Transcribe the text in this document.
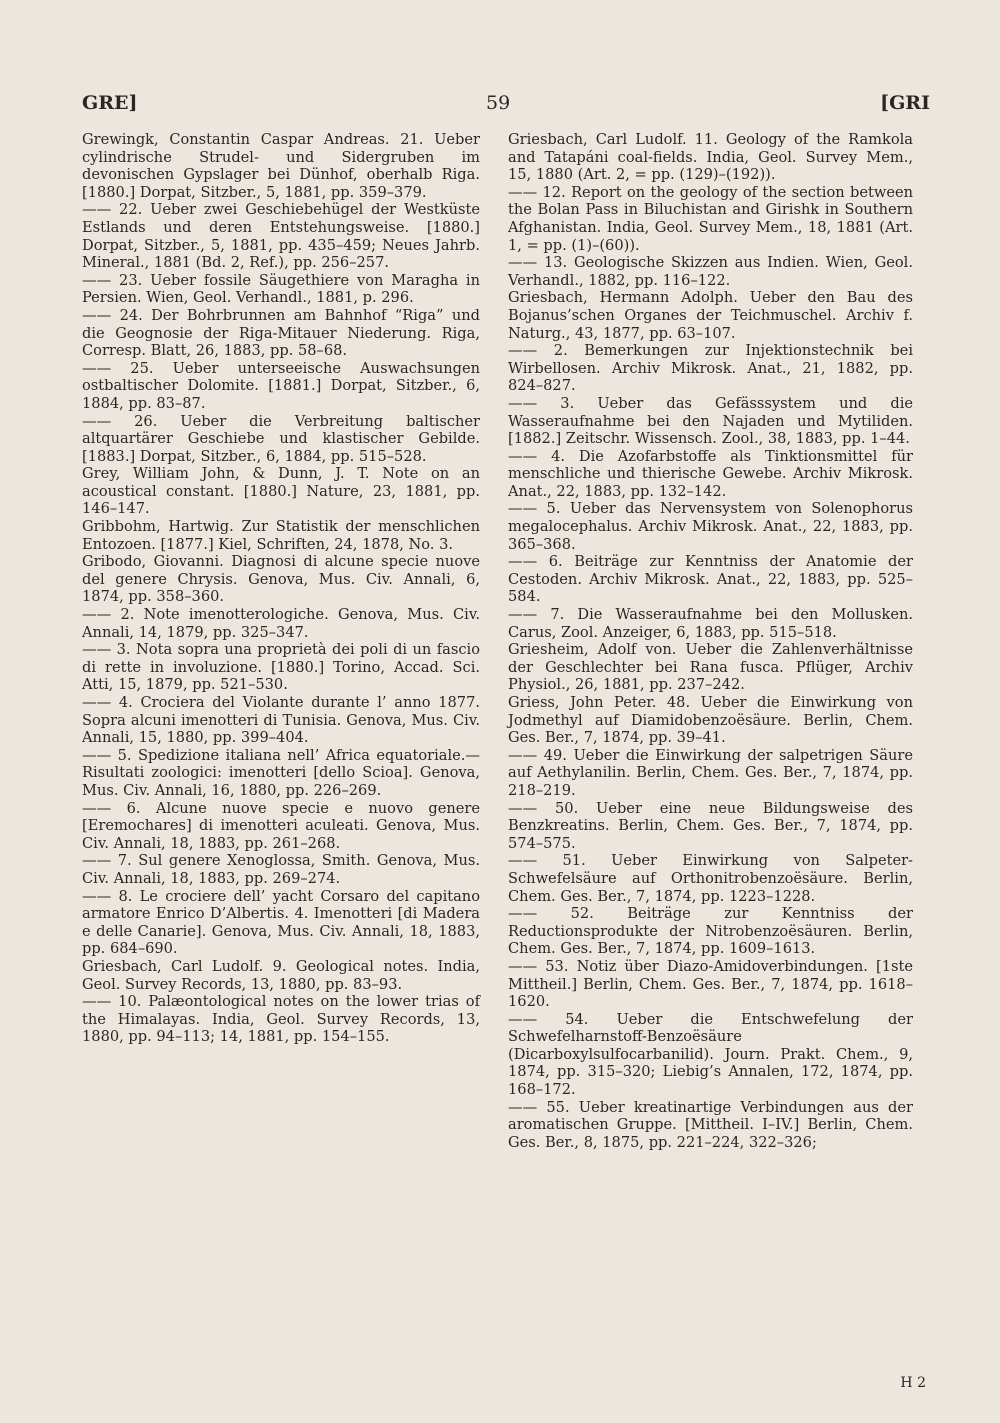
GRE]	59	[GRI

Grewingk, Constantin Caspar Andreas. 21. Ueber cylindrische Strudel- und Sidergruben im devonischen Gypslager bei Dünhof, oberhalb Riga. [1880.] Dorpat, Sitzber., 5, 1881, pp. 359–379.

—— 22. Ueber zwei Geschiebehügel der Westküste Estlands und deren Entstehungsweise. [1880.] Dorpat, Sitzber., 5, 1881, pp. 435–459; Neues Jahrb. Mineral., 1881 (Bd. 2, Ref.), pp. 256–257.

—— 23. Ueber fossile Säugethiere von Maragha in Persien. Wien, Geol. Verhandl., 1881, p. 296.

—— 24. Der Bohrbrunnen am Bahnhof “Riga” und die Geognosie der Riga-Mitauer Niederung. Riga, Corresp. Blatt, 26, 1883, pp. 58–68.

—— 25. Ueber unterseeische Auswachsungen ostbaltischer Dolomite. [1881.] Dorpat, Sitzber., 6, 1884, pp. 83–87.

—— 26. Ueber die Verbreitung baltischer altquartärer Geschiebe und klastischer Gebilde. [1883.] Dorpat, Sitzber., 6, 1884, pp. 515–528.

Grey, William John, & Dunn, J. T. Note on an acoustical constant. [1880.] Nature, 23, 1881, pp. 146–147.

Gribbohm, Hartwig. Zur Statistik der menschlichen Entozoen. [1877.] Kiel, Schriften, 24, 1878, No. 3.

Gribodo, Giovanni. Diagnosi di alcune specie nuove del genere Chrysis. Genova, Mus. Civ. Annali, 6, 1874, pp. 358–360.

—— 2. Note imenotterologiche. Genova, Mus. Civ. Annali, 14, 1879, pp. 325–347.

—— 3. Nota sopra una proprietà dei poli di un fascio di rette in involuzione. [1880.] Torino, Accad. Sci. Atti, 15, 1879, pp. 521–530.

—— 4. Crociera del Violante durante l’ anno 1877. Sopra alcuni imenotteri di Tunisia. Genova, Mus. Civ. Annali, 15, 1880, pp. 399–404.

—— 5. Spedizione italiana nell’ Africa equatoriale.—Risultati zoologici: imenotteri [dello Scioa]. Genova, Mus. Civ. Annali, 16, 1880, pp. 226–269.

—— 6. Alcune nuove specie e nuovo genere [Eremochares] di imenotteri aculeati. Genova, Mus. Civ. Annali, 18, 1883, pp. 261–268.

—— 7. Sul genere Xenoglossa, Smith. Genova, Mus. Civ. Annali, 18, 1883, pp. 269–274.

—— 8. Le crociere dell’ yacht Corsaro del capitano armatore Enrico D’Albertis. 4. Imenotteri [di Madera e delle Canarie]. Genova, Mus. Civ. Annali, 18, 1883, pp. 684–690.

Griesbach, Carl Ludolf. 9. Geological notes. India, Geol. Survey Records, 13, 1880, pp. 83–93.

—— 10. Palæontological notes on the lower trias of the Himalayas. India, Geol. Survey Records, 13, 1880, pp. 94–113; 14, 1881, pp. 154–155.

Griesbach, Carl Ludolf. 11. Geology of the Ramkola and Tatapáni coal-fields. India, Geol. Survey Mem., 15, 1880 (Art. 2, = pp. (129)–(192)).

—— 12. Report on the geology of the section between the Bolan Pass in Biluchistan and Girishk in Southern Afghanistan. India, Geol. Survey Mem., 18, 1881 (Art. 1, = pp. (1)–(60)).

—— 13. Geologische Skizzen aus Indien. Wien, Geol. Verhandl., 1882, pp. 116–122.

Griesbach, Hermann Adolph. Ueber den Bau des Bojanus’schen Organes der Teichmuschel. Archiv f. Naturg., 43, 1877, pp. 63–107.

—— 2. Bemerkungen zur Injektionstechnik bei Wirbellosen. Archiv Mikrosk. Anat., 21, 1882, pp. 824–827.

—— 3. Ueber das Gefässsystem und die Wasseraufnahme bei den Najaden und Mytiliden. [1882.] Zeitschr. Wissensch. Zool., 38, 1883, pp. 1–44.

—— 4. Die Azofarbstoffe als Tinktionsmittel für menschliche und thierische Gewebe. Archiv Mikrosk. Anat., 22, 1883, pp. 132–142.

—— 5. Ueber das Nervensystem von Solenophorus megalocephalus. Archiv Mikrosk. Anat., 22, 1883, pp. 365–368.

—— 6. Beiträge zur Kenntniss der Anatomie der Cestoden. Archiv Mikrosk. Anat., 22, 1883, pp. 525–584.

—— 7. Die Wasseraufnahme bei den Mollusken. Carus, Zool. Anzeiger, 6, 1883, pp. 515–518.

Griesheim, Adolf von. Ueber die Zahlenverhältnisse der Geschlechter bei Rana fusca. Pflüger, Archiv Physiol., 26, 1881, pp. 237–242.

Griess, John Peter. 48. Ueber die Einwirkung von Jodmethyl auf Diamidobenzoësäure. Berlin, Chem. Ges. Ber., 7, 1874, pp. 39–41.

—— 49. Ueber die Einwirkung der salpetrigen Säure auf Aethylanilin. Berlin, Chem. Ges. Ber., 7, 1874, pp. 218–219.

—— 50. Ueber eine neue Bildungsweise des Benzkreatins. Berlin, Chem. Ges. Ber., 7, 1874, pp. 574–575.

—— 51. Ueber Einwirkung von Salpeter-Schwefelsäure auf Orthonitrobenzoësäure. Berlin, Chem. Ges. Ber., 7, 1874, pp. 1223–1228.

—— 52. Beiträge zur Kenntniss der Reductionsprodukte der Nitrobenzoësäuren. Berlin, Chem. Ges. Ber., 7, 1874, pp. 1609–1613.

—— 53. Notiz über Diazo-Amidoverbindungen. [1ste Mittheil.] Berlin, Chem. Ges. Ber., 7, 1874, pp. 1618–1620.

—— 54. Ueber die Entschwefelung der Schwefelharnstoff-Benzoësäure (Dicarboxylsulfocarbanilid). Journ. Prakt. Chem., 9, 1874, pp. 315–320; Liebig’s Annalen, 172, 1874, pp. 168–172.

—— 55. Ueber kreatinartige Verbindungen aus der aromatischen Gruppe. [Mittheil. I–IV.] Berlin, Chem. Ges. Ber., 8, 1875, pp. 221–224, 322–326;

H 2
